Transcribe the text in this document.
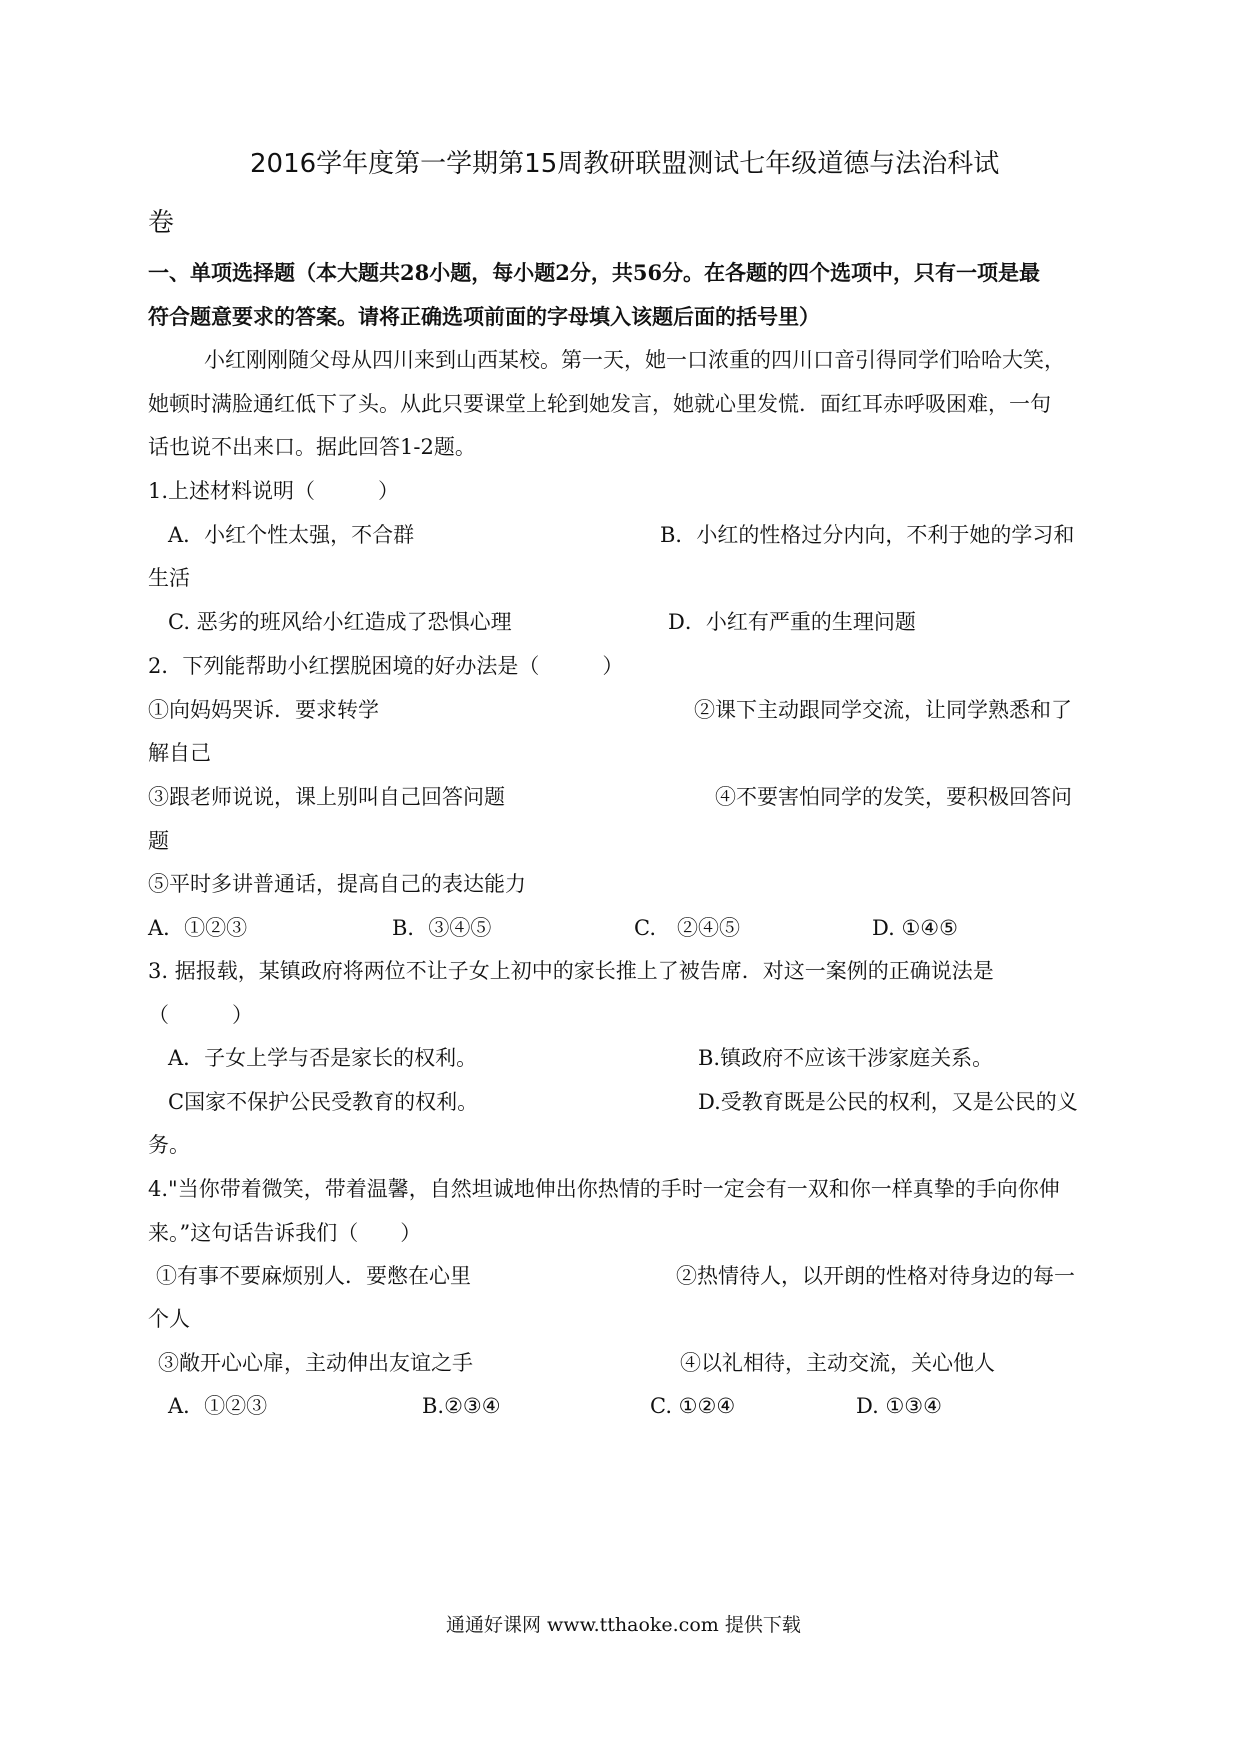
2016学年度第一学期第15周教研联盟测试七年级道德与法治科试
卷
一、单项选择题（本大题共28小题，每小题2分，共56分。在各题的四个选项中，只有一项是最
符合题意要求的答案。请将正确选项前面的字母填入该题后面的括号里）
小红刚刚随父母从四川来到山西某校。第一天，她一口浓重的四川口音引得同学们哈哈大笑，
她顿时满脸通红低下了头。从此只要课堂上轮到她发言，她就心里发慌．面红耳赤呼吸困难，一句
话也说不出来口。据此回答1-2题。
1.上述材料说明（　　　）
A．小红个性太强，不合群	B．小红的性格过分内向，不利于她的学习和
生活
C. 恶劣的班风给小红造成了恐惧心理	D．小红有严重的生理问题
2．下列能帮助小红摆脱困境的好办法是（　　　）
①向妈妈哭诉．要求转学	②课下主动跟同学交流，让同学熟悉和了
解自己
③跟老师说说，课上别叫自己回答问题	④不要害怕同学的发笑，要积极回答问
题
⑤平时多讲普通话，提高自己的表达能力
A．①②③	B．③④⑤	C.　②④⑤	D. ①④⑤
3. 据报载，某镇政府将两位不让子女上初中的家长推上了被告席．对这一案例的正确说法是
（　　　）
A．子女上学与否是家长的权利。	B.镇政府不应该干涉家庭关系。
C国家不保护公民受教育的权利。	D.受教育既是公民的权利，又是公民的义
务。
4."当你带着微笑，带着温馨，自然坦诚地伸出你热情的手时一定会有一双和你一样真挚的手向你伸
来。”这句话告诉我们（　　）
①有事不要麻烦别人．要憋在心里	②热情待人，以开朗的性格对待身边的每一
个人
③敞开心心扉，主动伸出友谊之手	④以礼相待，主动交流，关心他人
A．①②③	B.②③④	C. ①②④	D. ①③④
通通好课网 www.tthaoke.com 提供下载
